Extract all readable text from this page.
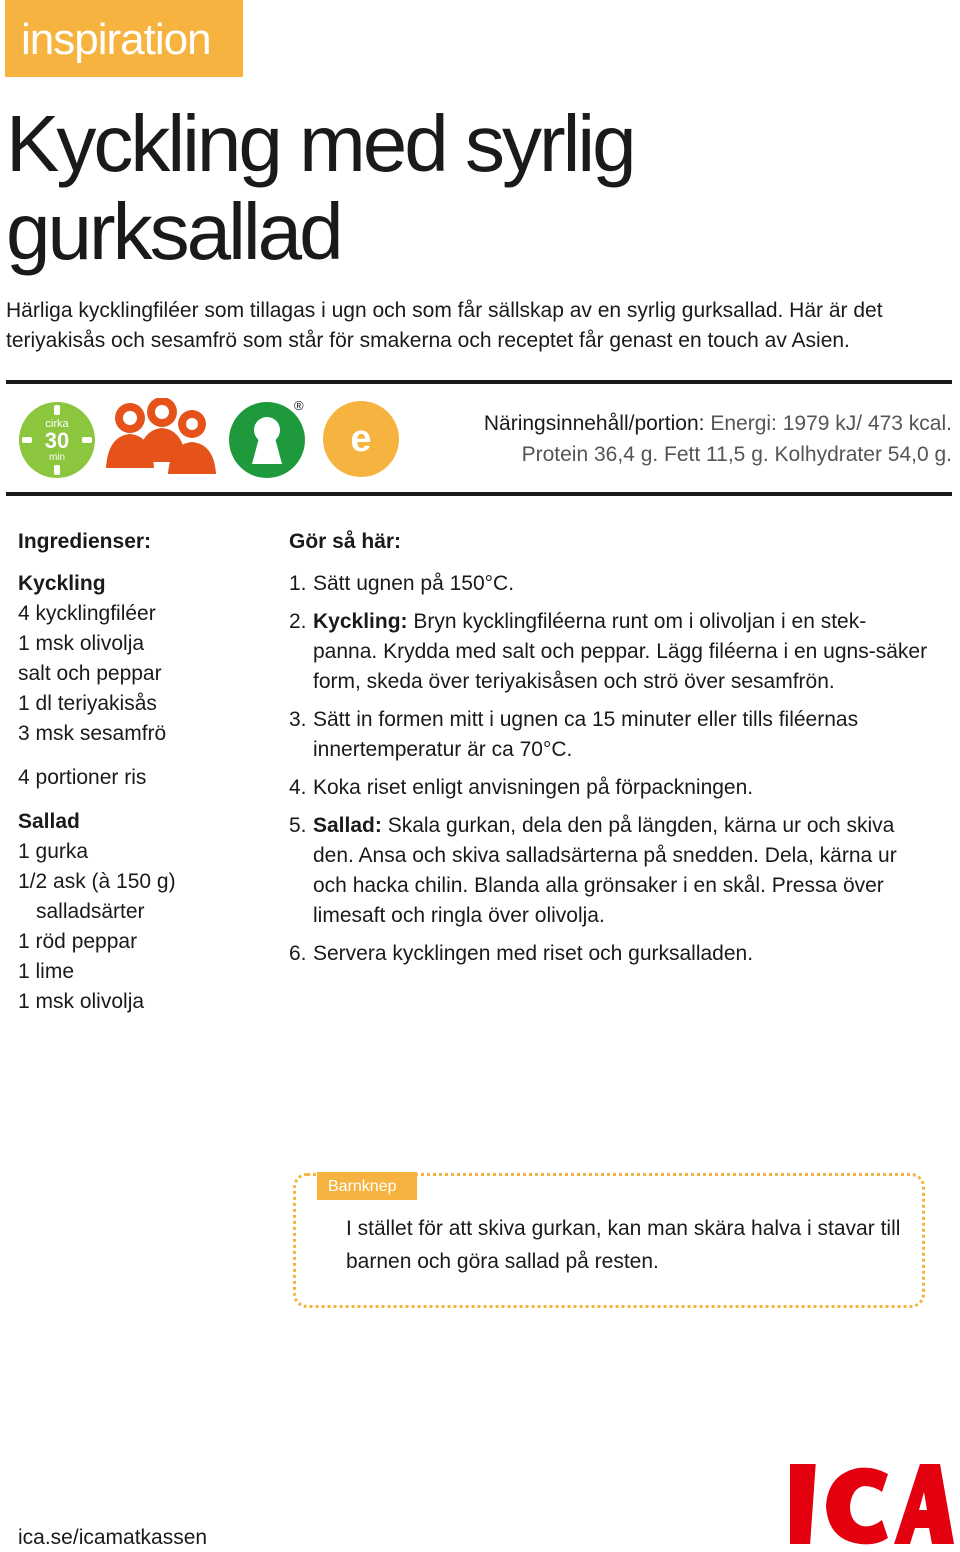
inspiration
Kyckling med syrlig
gurksallad

Härliga kycklingfiléer som tillagas i ugn och som får sällskap av en syrlig gurksallad. Här är det teriyakisås och sesamfrö som står för smakerna och receptet får genast en touch av Asien.

cirka
30
min
®
e	Näringsinnehåll/portion: Energi: 1979 kJ/ 473 kcal.
Protein 36,4 g. Fett 11,5 g. Kolhydrater 54,0 g.
Ingredienser:
Kyckling
4 kycklingfiléer
1 msk olivolja
salt och peppar
1 dl teriyakisås
3 msk sesamfrö
4 portioner ris
Sallad
1 gurka
1/2 ask (à 150 g)
salladsärter
1 röd peppar
1 lime
1 msk olivolja
Gör så här:
1. Sätt ugnen på 150°C.
2. Kyckling: Bryn kycklingfiléerna runt om i olivoljan i en stek-panna. Krydda med salt och peppar. Lägg filéerna i en ugns-säker form, skeda över teriyakisåsen och strö över sesamfrön.
3. Sätt in formen mitt i ugnen ca 15 minuter eller tills filéernas innertemperatur är ca 70°C.
4. Koka riset enligt anvisningen på förpackningen.
5. Sallad: Skala gurkan, dela den på längden, kärna ur och skiva den. Ansa och skiva salladsärterna på snedden. Dela, kärna ur och hacka chilin. Blanda alla grönsaker i en skål. Pressa över limesaft och ringla över olivolja.
6. Servera kycklingen med riset och gurksalladen.
Barnknep

I stället för att skiva gurkan, kan man skära halva i stavar till barnen och göra sallad på resten.

ica.se/icamatkassen
